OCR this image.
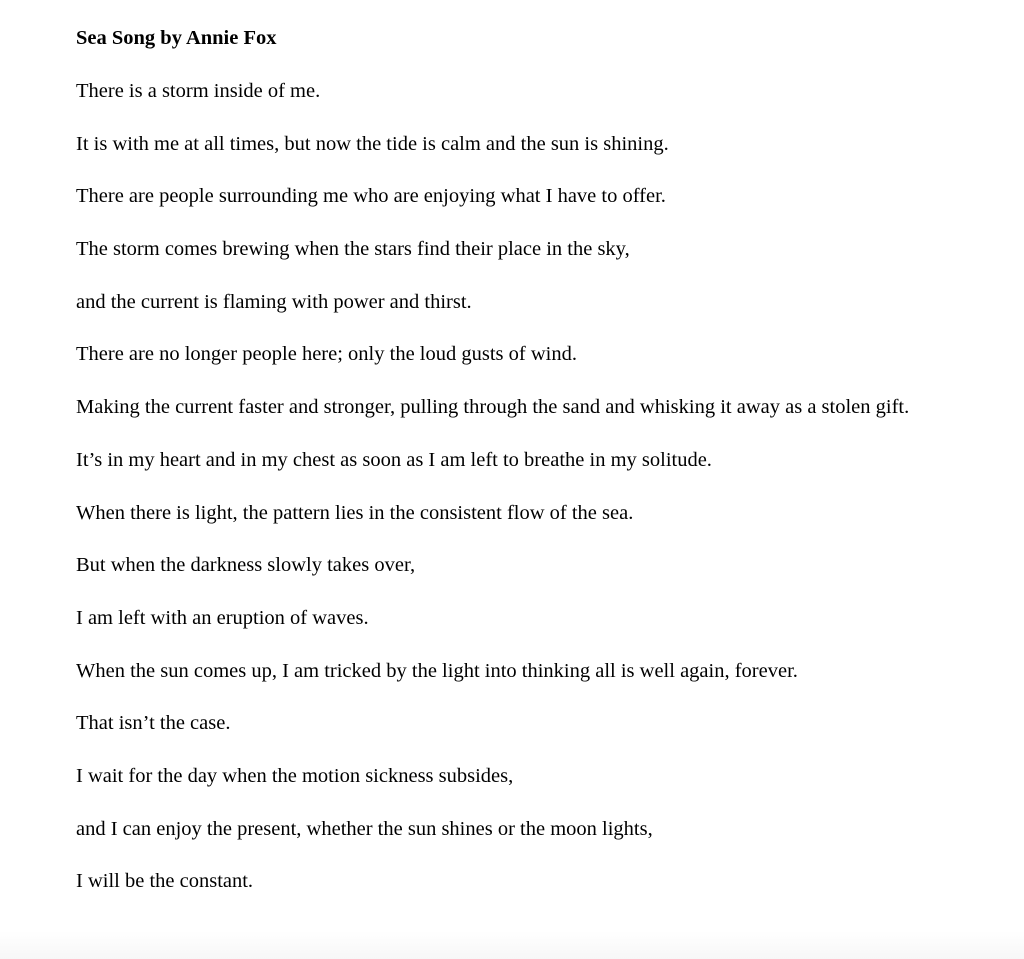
Sea Song by Annie Fox

There is a storm inside of me.

It is with me at all times, but now the tide is calm and the sun is shining.

There are people surrounding me who are enjoying what I have to offer.

The storm comes brewing when the stars find their place in the sky,

and the current is flaming with power and thirst.

There are no longer people here; only the loud gusts of wind.

Making the current faster and stronger, pulling through the sand and whisking it away as a stolen gift.

It’s in my heart and in my chest as soon as I am left to breathe in my solitude.

When there is light, the pattern lies in the consistent flow of the sea.

But when the darkness slowly takes over,

I am left with an eruption of waves.

When the sun comes up, I am tricked by the light into thinking all is well again, forever.

That isn’t the case.

I wait for the day when the motion sickness subsides,

and I can enjoy the present, whether the sun shines or the moon lights,

I will be the constant.
